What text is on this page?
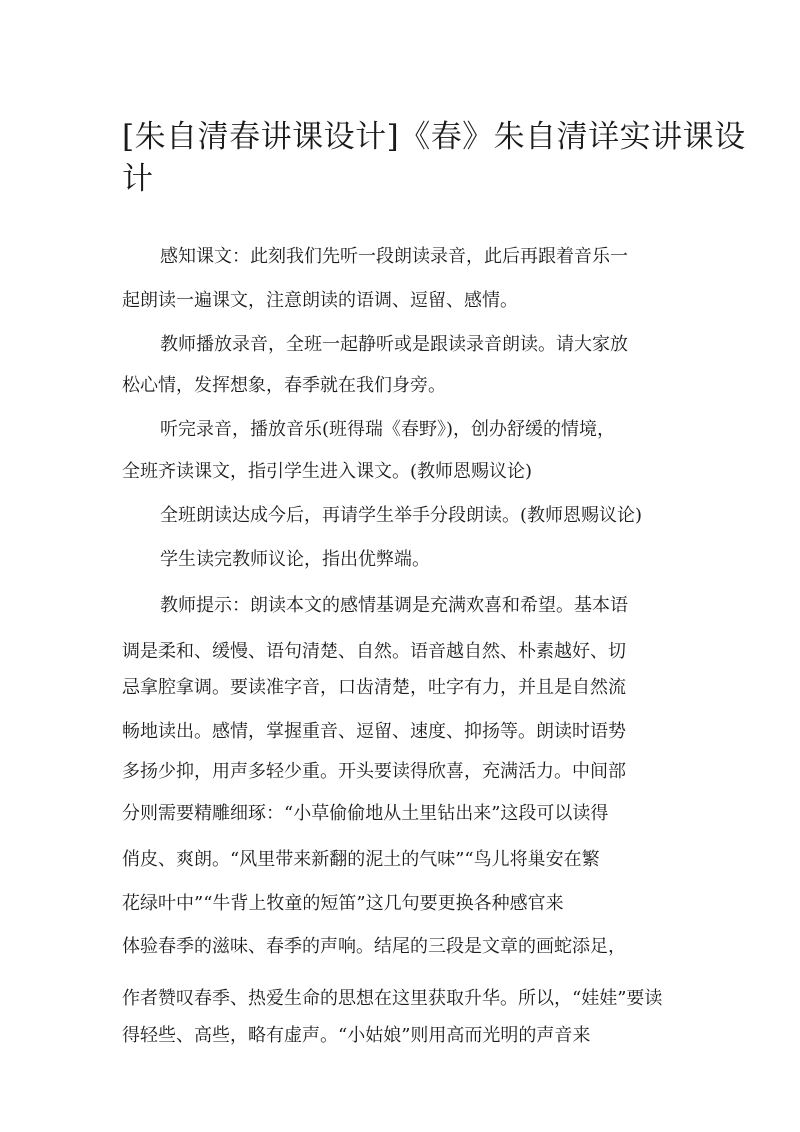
[朱自清春讲课设计]《春》朱自清详实讲课设计

感知课文：此刻我们先听一段朗读录音，此后再跟着音乐一

起朗读一遍课文，注意朗读的语调、逗留、感情。

教师播放录音，全班一起静听或是跟读录音朗读。请大家放

松心情，发挥想象，春季就在我们身旁。

听完录音，播放音乐(班得瑞《春野》)，创办舒缓的情境，

全班齐读课文，指引学生进入课文。(教师恩赐议论)

全班朗读达成今后，再请学生举手分段朗读。(教师恩赐议论)

学生读完教师议论，指出优弊端。

教师提示：朗读本文的感情基调是充满欢喜和希望。基本语

调是柔和、缓慢、语句清楚、自然。语音越自然、朴素越好、切

忌拿腔拿调。要读准字音，口齿清楚，吐字有力，并且是自然流

畅地读出。感情，掌握重音、逗留、速度、抑扬等。朗读时语势

多扬少抑，用声多轻少重。开头要读得欣喜，充满活力。中间部

分则需要精雕细琢：“小草偷偷地从土里钻出来”这段可以读得

俏皮、爽朗。“风里带来新翻的泥土的气味”“鸟儿将巢安在繁

花绿叶中”“牛背上牧童的短笛”这几句要更换各种感官来

体验春季的滋味、春季的声响。结尾的三段是文章的画蛇添足，

作者赞叹春季、热爱生命的思想在这里获取升华。所以，“娃娃”要读

得轻些、高些，略有虚声。“小姑娘”则用高而光明的声音来
